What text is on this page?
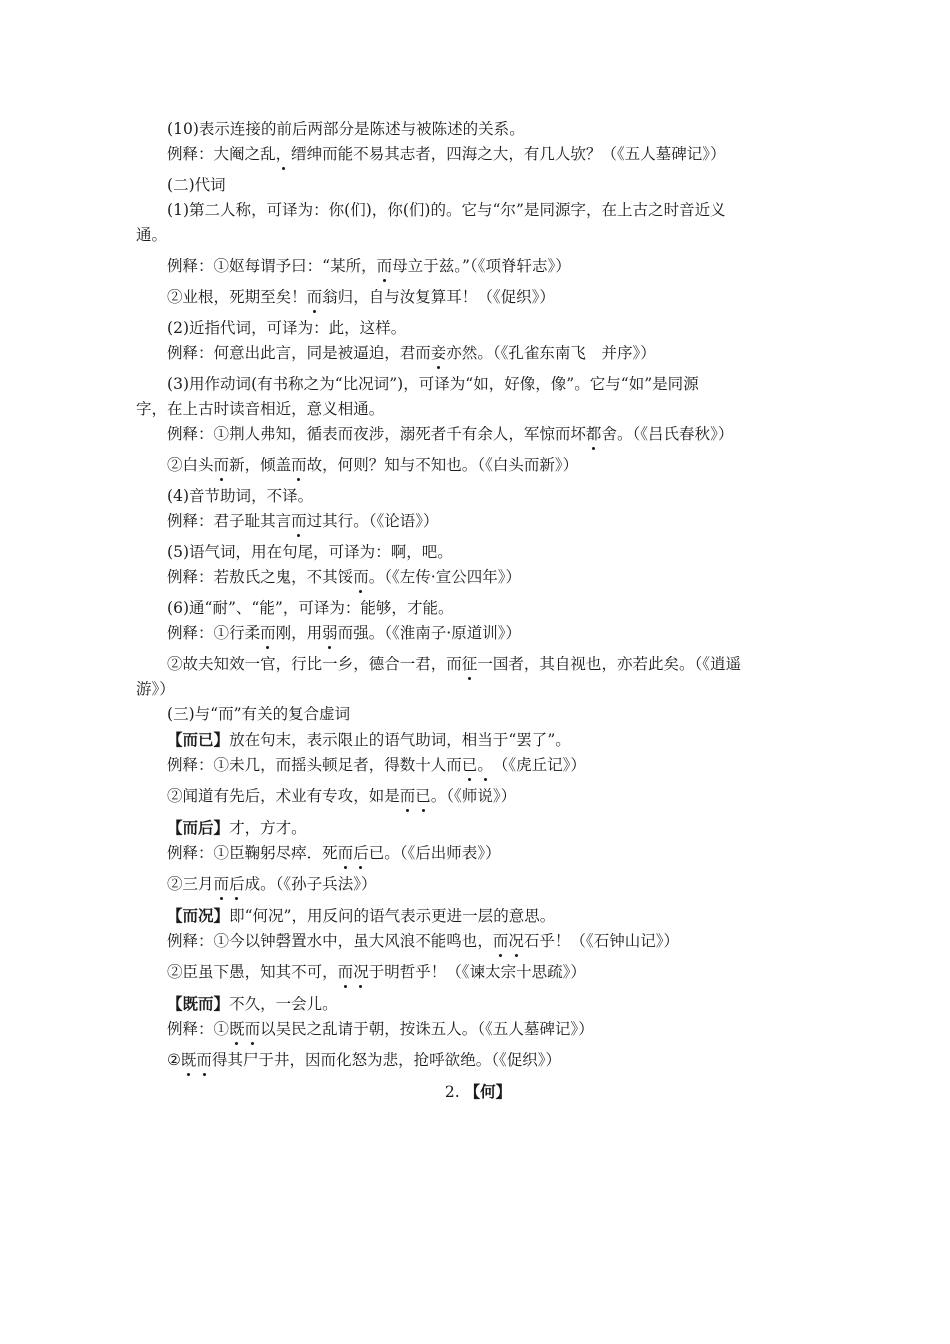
(10)表示连接的前后两部分是陈述与被陈述的关系。

例释：大阉之乱，缙绅而能不易其志者，四海之大，有几人欤？（《五人墓碑记》）

(二)代词

(1)第二人称，可译为：你(们)，你(们)的。它与“尔”是同源字，在上古之时音近义

通。

例释：①妪每谓予曰：“某所，而母立于兹。”（《项脊轩志》）

②业根，死期至矣！而翁归，自与汝复算耳！（《促织》）

(2)近指代词，可译为：此，这样。

例释：何意出此言，同是被逼迫，君而妾亦然。（《孔雀东南飞　 并序》）

(3)用作动词(有书称之为“比况词”)，可译为“如，好像，像”。它与“如”是同源

字，在上古时读音相近，意义相通。

例释：①荆人弗知，循表而夜涉，溺死者千有余人，军惊而坏都舍。（《吕氏春秋》）

②白头而新，倾盖而故，何则？知与不知也。（《白头而新》）

(4)音节助词，不译。

例释：君子耻其言而过其行。（《论语》）

(5)语气词，用在句尾，可译为：啊，吧。

例释：若敖氏之鬼，不其馁而。（《左传·宣公四年》）

(6)通“耐”、“能”，可译为：能够，才能。

例释：①行柔而刚，用弱而强。（《淮南子·原道训》）

②故夫知效一官，行比一乡，德合一君，而征一国者，其自视也，亦若此矣。（《逍遥

游》）

(三)与“而”有关的复合虚词

【而已】放在句末，表示限止的语气助词，相当于“罢了”。

例释：①未几，而摇头顿足者，得数十人而已。（《虎丘记》）

②闻道有先后，术业有专攻，如是而已。（《师说》）

【而后】才，方才。

例释：①臣鞠躬尽瘁．死而后已。（《后出师表》）

②三月而后成。（《孙子兵法》）

【而况】即“何况”，用反问的语气表示更进一层的意思。

例释：①今以钟磬置水中，虽大风浪不能鸣也，而况石乎！（《石钟山记》）

②臣虽下愚，知其不可，而况于明哲乎！（《谏太宗十思疏》）

【既而】不久，一会儿。

例释：①既而以吴民之乱请于朝，按诛五人。（《五人墓碑记》）

②既而得其尸于井，因而化怒为悲，抢呼欲绝。（《促织》）

2. 【何】
